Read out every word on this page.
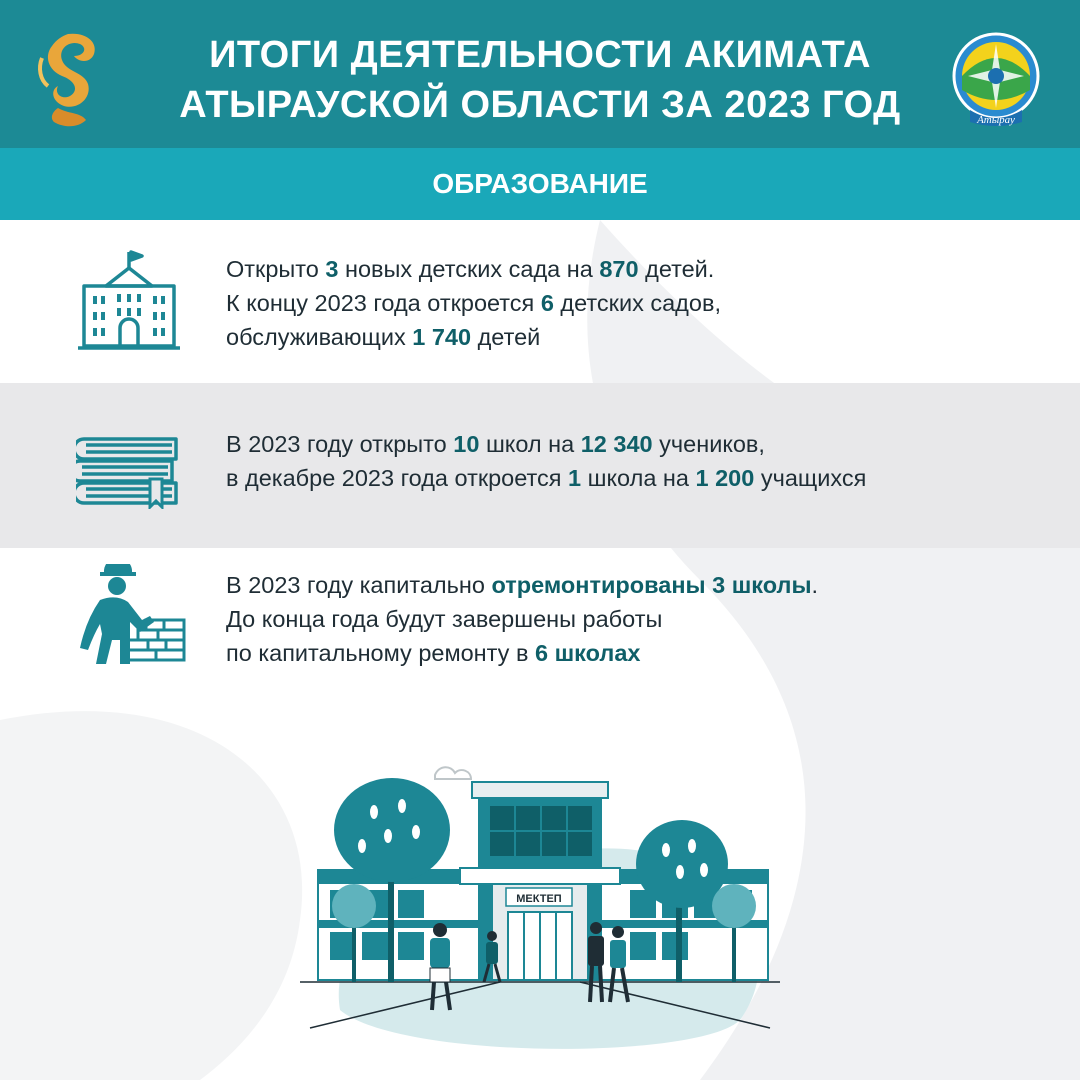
ИТОГИ ДЕЯТЕЛЬНОСТИ АКИМАТА
АТЫРАУСКОЙ ОБЛАСТИ ЗА 2023 ГОД	Атырау
ОБРАЗОВАНИЕ
Открыто 3 новых детских сада на 870 детей.
К концу 2023 года откроется 6 детских садов,
обслуживающих 1 740 детей
В 2023 году открыто 10 школ на 12 340 учеников,
в декабре 2023 года откроется 1 школа на 1 200 учащихся
В 2023 году капитально отремонтированы 3 школы.
До конца года будут завершены работы
по капитальному ремонту в 6 школах
МЕКТЕП
